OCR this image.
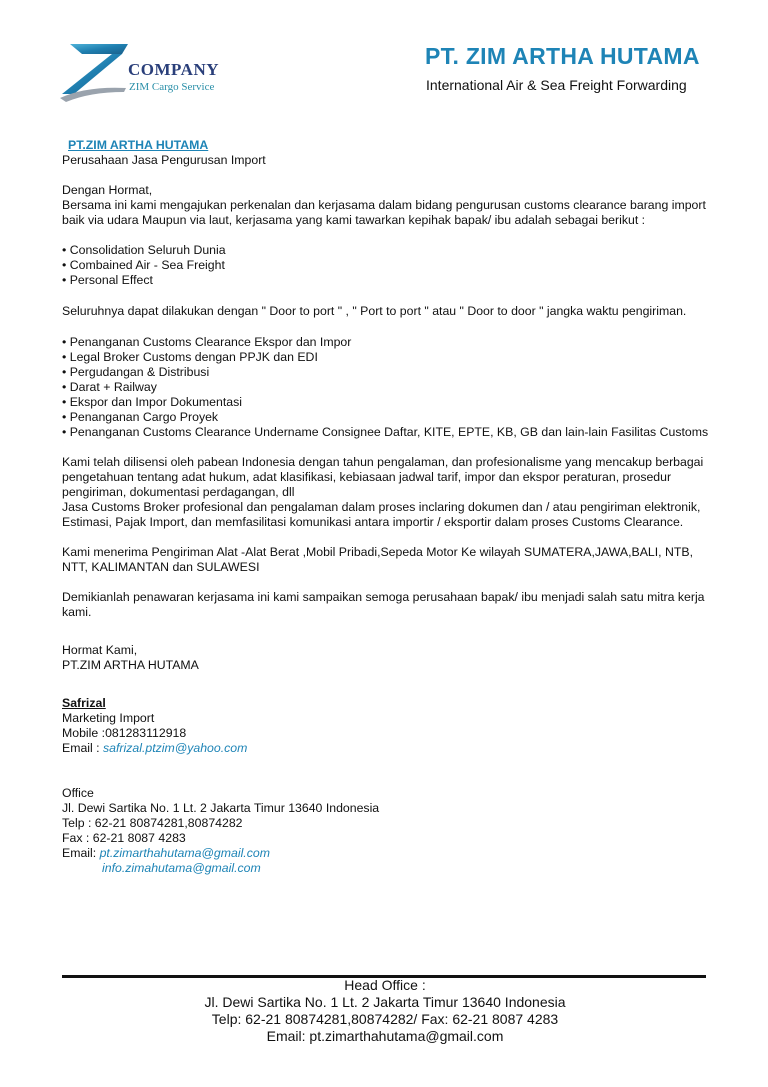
COMPANY
ZIM Cargo Service
PT. ZIM ARTHA HUTAMA
International Air & Sea Freight Forwarding

PT.ZIM ARTHA HUTAMA

Perusahaan Jasa Pengurusan Import

Dengan Hormat,

Bersama ini kami mengajukan perkenalan dan kerjasama dalam bidang pengurusan customs clearance barang import baik via udara Maupun via laut, kerjasama yang kami tawarkan kepihak bapak/ ibu adalah sebagai berikut :

• Consolidation Seluruh Dunia
• Combained Air - Sea Freight
• Personal Effect

Seluruhnya dapat dilakukan dengan " Door to port " , " Port to port " atau " Door to door " jangka waktu pengiriman.

• Penanganan Customs Clearance Ekspor dan Impor
• Legal Broker Customs dengan PPJK dan EDI
• Pergudangan & Distribusi
• Darat + Railway
• Ekspor dan Impor Dokumentasi
• Penanganan Cargo Proyek
• Penanganan Customs Clearance Undername Consignee Daftar, KITE, EPTE, KB, GB dan lain-lain Fasilitas Customs

Kami telah dilisensi oleh pabean Indonesia dengan tahun pengalaman, dan profesionalisme yang mencakup berbagai pengetahuan tentang adat hukum, adat klasifikasi, kebiasaan jadwal tarif, impor dan ekspor peraturan, prosedur pengiriman, dokumentasi perdagangan, dll

Jasa Customs Broker profesional dan pengalaman dalam proses inclaring dokumen dan / atau pengiriman elektronik, Estimasi, Pajak Import, dan memfasilitasi komunikasi antara importir / eksportir dalam proses Customs Clearance.

Kami menerima Pengiriman Alat -Alat Berat ,Mobil Pribadi,Sepeda Motor Ke wilayah SUMATERA,JAWA,BALI, NTB, NTT, KALIMANTAN dan SULAWESI

Demikianlah penawaran kerjasama ini kami sampaikan semoga perusahaan bapak/ ibu menjadi salah satu mitra kerja kami.

Hormat Kami,

PT.ZIM ARTHA HUTAMA

Safrizal

Marketing Import

Mobile :081283112918

Email : safrizal.ptzim@yahoo.com

Office

Jl. Dewi Sartika No. 1 Lt. 2 Jakarta Timur 13640 Indonesia

Telp : 62-21 80874281,80874282

Fax : 62-21 8087 4283

Email: pt.zimarthahutama@gmail.com

info.zimahutama@gmail.com

Head Office :
Jl. Dewi Sartika No. 1 Lt. 2 Jakarta Timur 13640 Indonesia
Telp: 62-21 80874281,80874282/ Fax: 62-21 8087 4283
Email: pt.zimarthahutama@gmail.com
